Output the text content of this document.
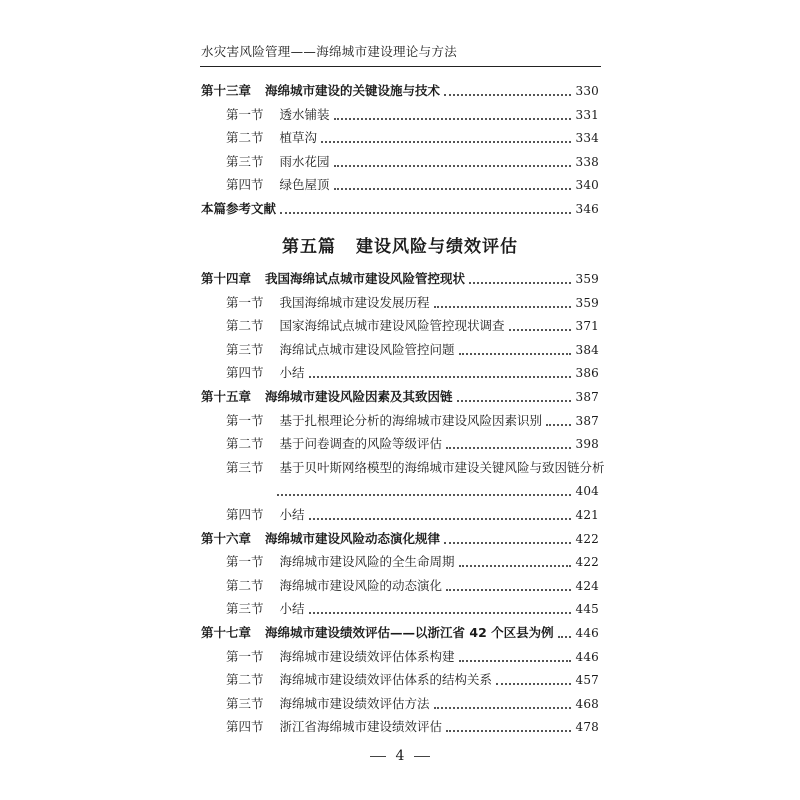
水灾害风险管理——海绵城市建设理论与方法
第十三章 海绵城市建设的关键设施与技术	330
第一节 透水铺装	331
第二节 植草沟	334
第三节 雨水花园	338
第四节 绿色屋顶	340
本篇参考文献	346
第五篇 建设风险与绩效评估
第十四章 我国海绵试点城市建设风险管控现状	359
第一节 我国海绵城市建设发展历程	359
第二节 国家海绵试点城市建设风险管控现状调查	371
第三节 海绵试点城市建设风险管控问题	384
第四节 小结	386
第十五章 海绵城市建设风险因素及其致因链	387
第一节 基于扎根理论分析的海绵城市建设风险因素识别	387
第二节 基于问卷调查的风险等级评估	398
第三节 基于贝叶斯网络模型的海绵城市建设关键风险与致因链分析
404
第四节 小结	421
第十六章 海绵城市建设风险动态演化规律	422
第一节 海绵城市建设风险的全生命周期	422
第二节 海绵城市建设风险的动态演化	424
第三节 小结	445
第十七章 海绵城市建设绩效评估——以浙江省 42 个区县为例 446
第一节 海绵城市建设绩效评估体系构建	446
第二节 海绵城市建设绩效评估体系的结构关系	457
第三节 海绵城市建设绩效评估方法	468
第四节 浙江省海绵城市建设绩效评估	478
4
